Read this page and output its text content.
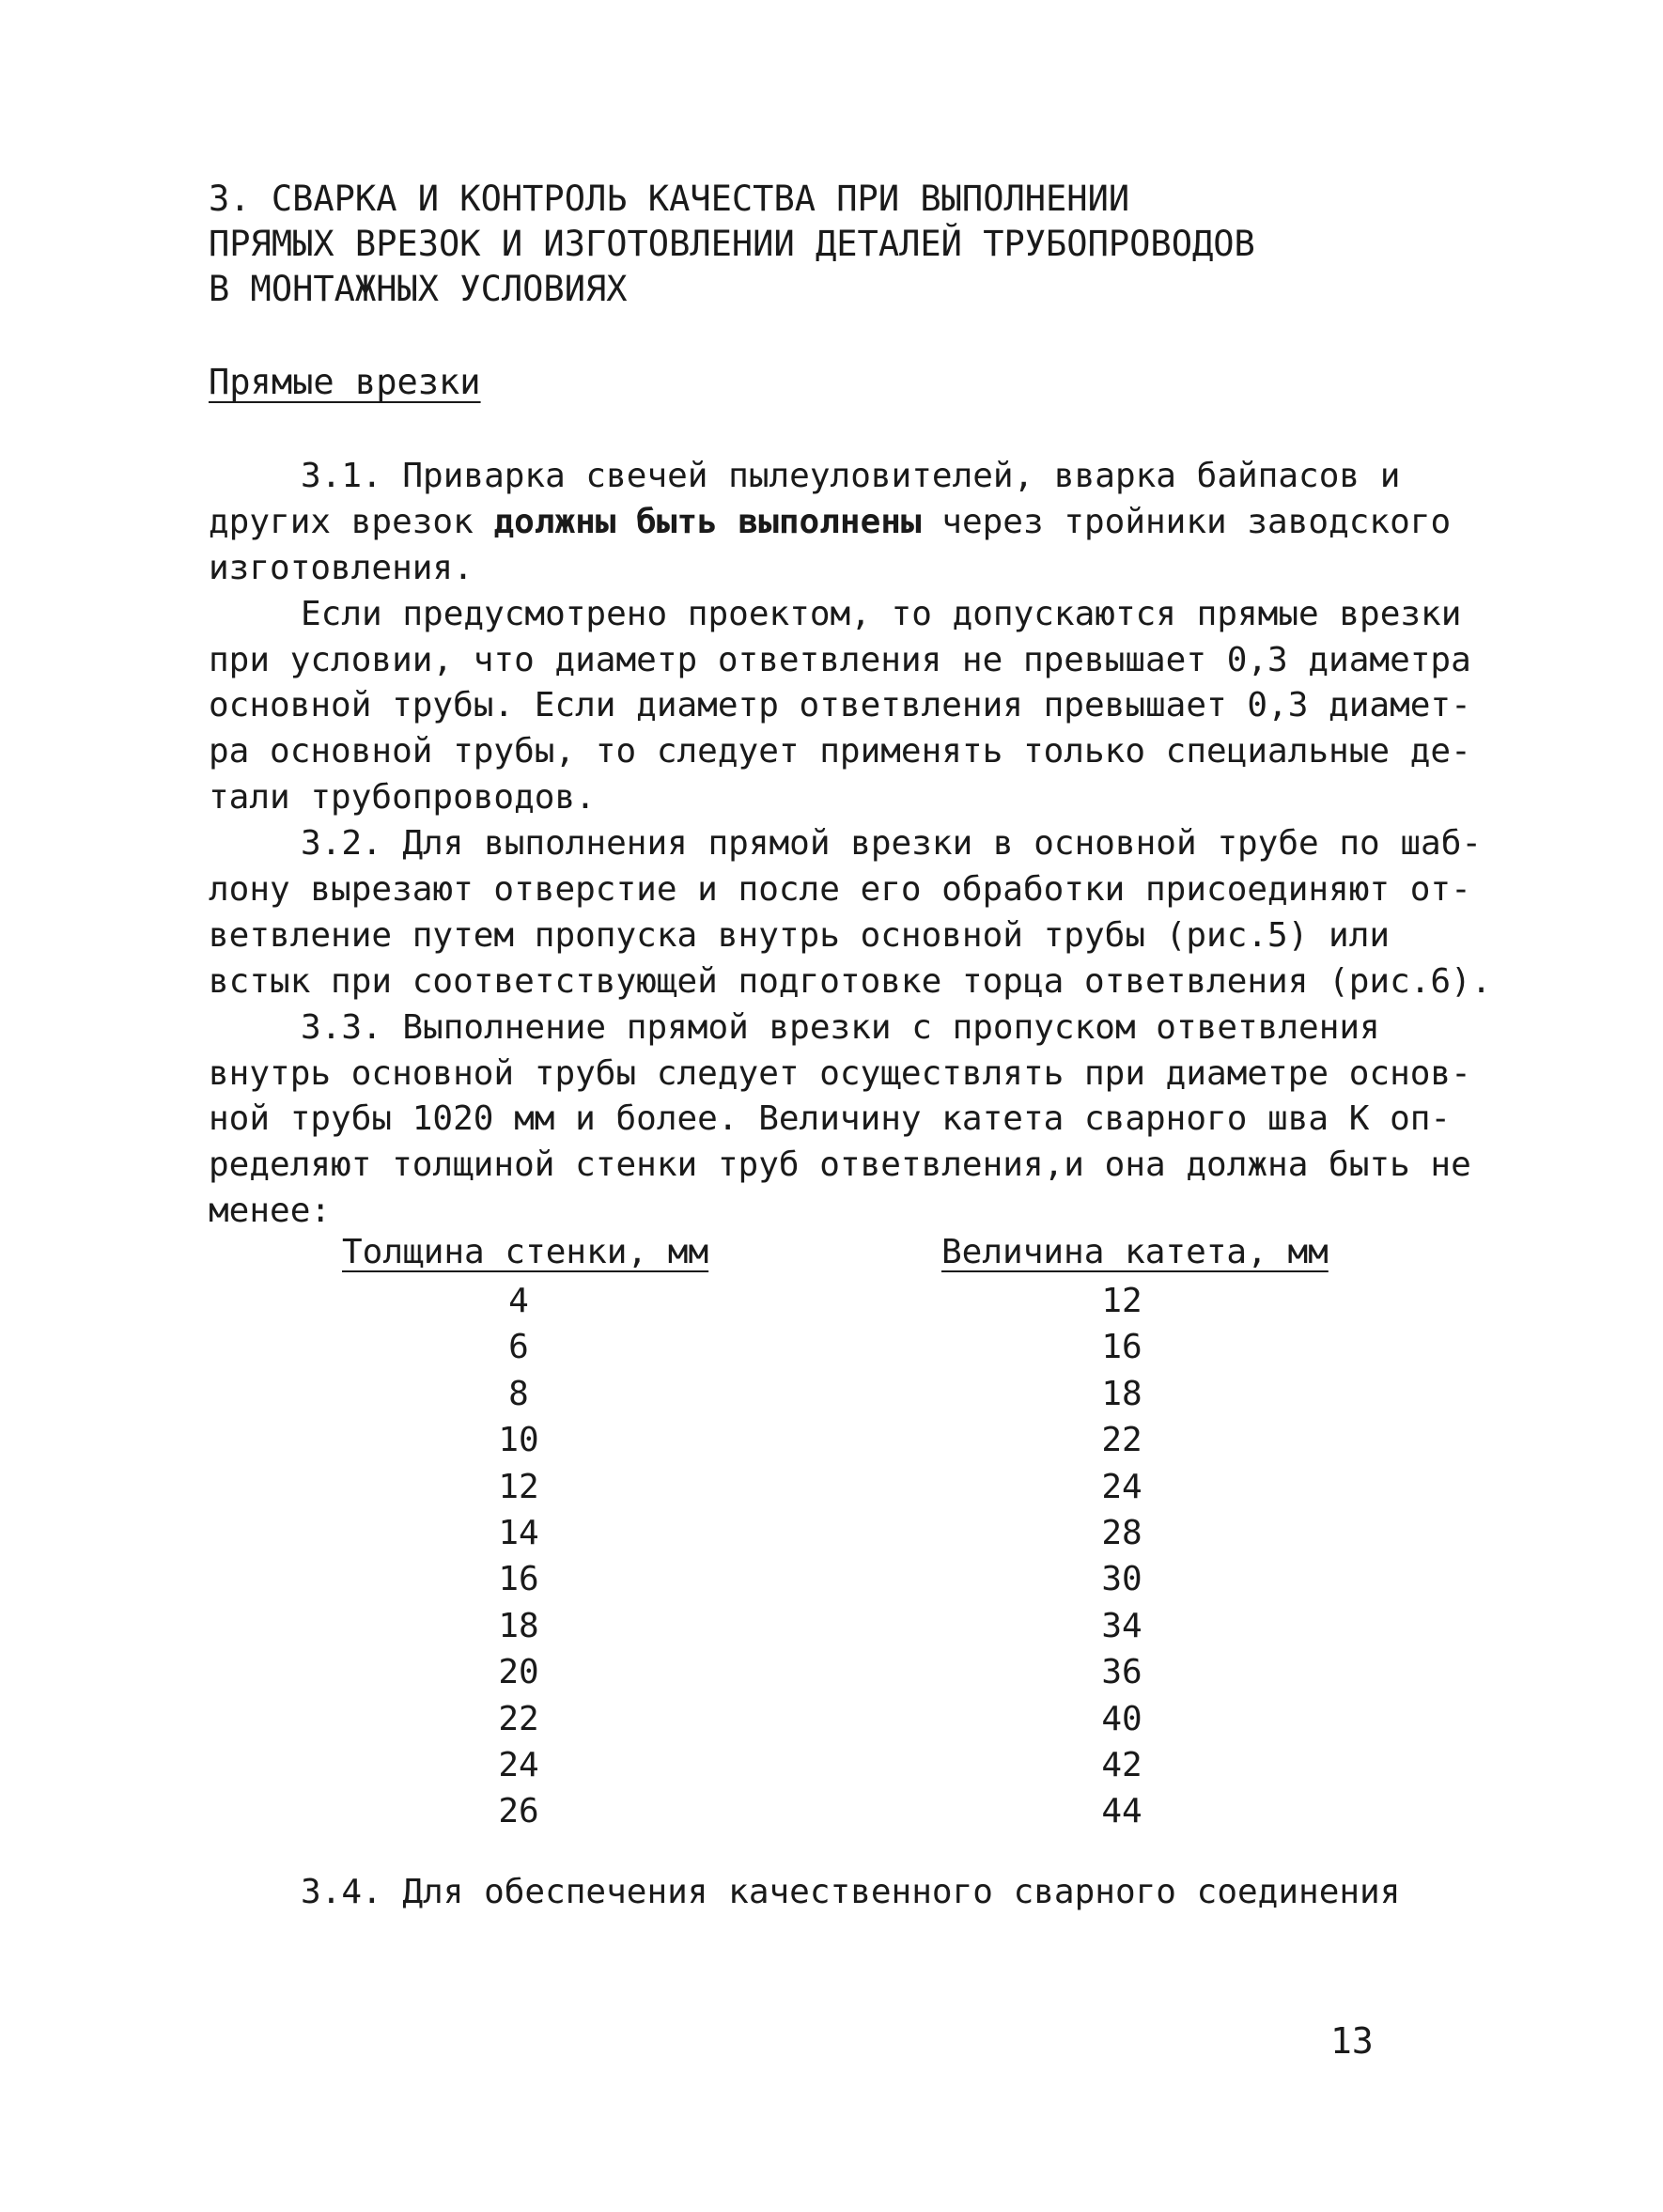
3. СВАРКА И КОНТРОЛЬ КАЧЕСТВА ПРИ ВЫПОЛНЕНИИ
ПРЯМЫХ ВРЕЗОК И ИЗГОТОВЛЕНИИ ДЕТАЛЕЙ ТРУБОПРОВОДОВ
В МОНТАЖНЫХ УСЛОВИЯХ
Прямые врезки
3.1. Приварка свечей пылеуловителей, вварка байпасов и
других врезок должны быть выполнены через тройники заводского
изготовления.
Если предусмотрено проектом, то допускаются прямые врезки
при условии, что диаметр ответвления не превышает 0,3 диаметра
основной трубы. Если диаметр ответвления превышает 0,3 диамет-
ра основной трубы, то следует применять только специальные де-
тали трубопроводов.
3.2. Для выполнения прямой врезки в основной трубе по шаб-
лону вырезают отверстие и после его обработки присоединяют от-
ветвление путем пропуска внутрь основной трубы (рис.5) или
встык при соответствующей подготовке торца ответвления (рис.6).
3.3. Выполнение прямой врезки с пропуском ответвления
внутрь основной трубы следует осуществлять при диаметре основ-
ной трубы 1020 мм и более. Величину катета сварного шва К оп-
ределяют толщиной стенки труб ответвления,и она должна быть не
менее:
Толщина стенки, мм	Величина катета, мм
4	12
6	16
8	18
10	22
12	24
14	28
16	30
18	34
20	36
22	40
24	42
26	44
3.4. Для обеспечения качественного сварного соединения
13
